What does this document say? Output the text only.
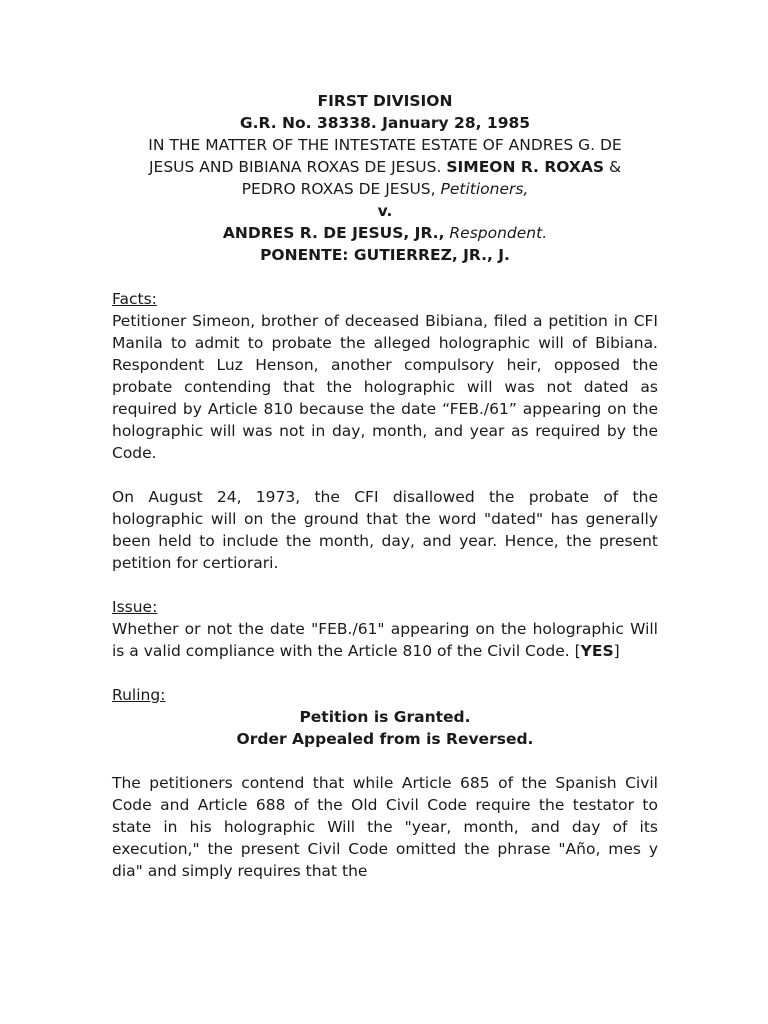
FIRST DIVISION
G.R. No. 38338. January 28, 1985
IN THE MATTER OF THE INTESTATE ESTATE OF ANDRES G. DE
JESUS AND BIBIANA ROXAS DE JESUS. SIMEON R. ROXAS &
PEDRO ROXAS DE JESUS, Petitioners,
v.
ANDRES R. DE JESUS, JR., Respondent.
PONENTE: GUTIERREZ, JR., J.

Facts:

Petitioner Simeon, brother of deceased Bibiana, filed a petition in CFI Manila to admit to probate the alleged holographic will of Bibiana. Respondent Luz Henson, another compulsory heir, opposed the probate contending that the holographic will was not dated as required by Article 810 because the date “FEB./61” appearing on the holographic will was not in day, month, and year as required by the Code.

On August 24, 1973, the CFI disallowed the probate of the holographic will on the ground that the word "dated" has generally been held to include the month, day, and year. Hence, the present petition for certiorari.

Issue:

Whether or not the date "FEB./61" appearing on the holographic Will is a valid compliance with the Article 810 of the Civil Code. [YES]

Ruling:

Petition is Granted.
Order Appealed from is Reversed.

The petitioners contend that while Article 685 of the Spanish Civil Code and Article 688 of the Old Civil Code require the testator to state in his holographic Will the "year, month, and day of its execution," the present Civil Code omitted the phrase "Año, mes y dia" and simply requires that the
